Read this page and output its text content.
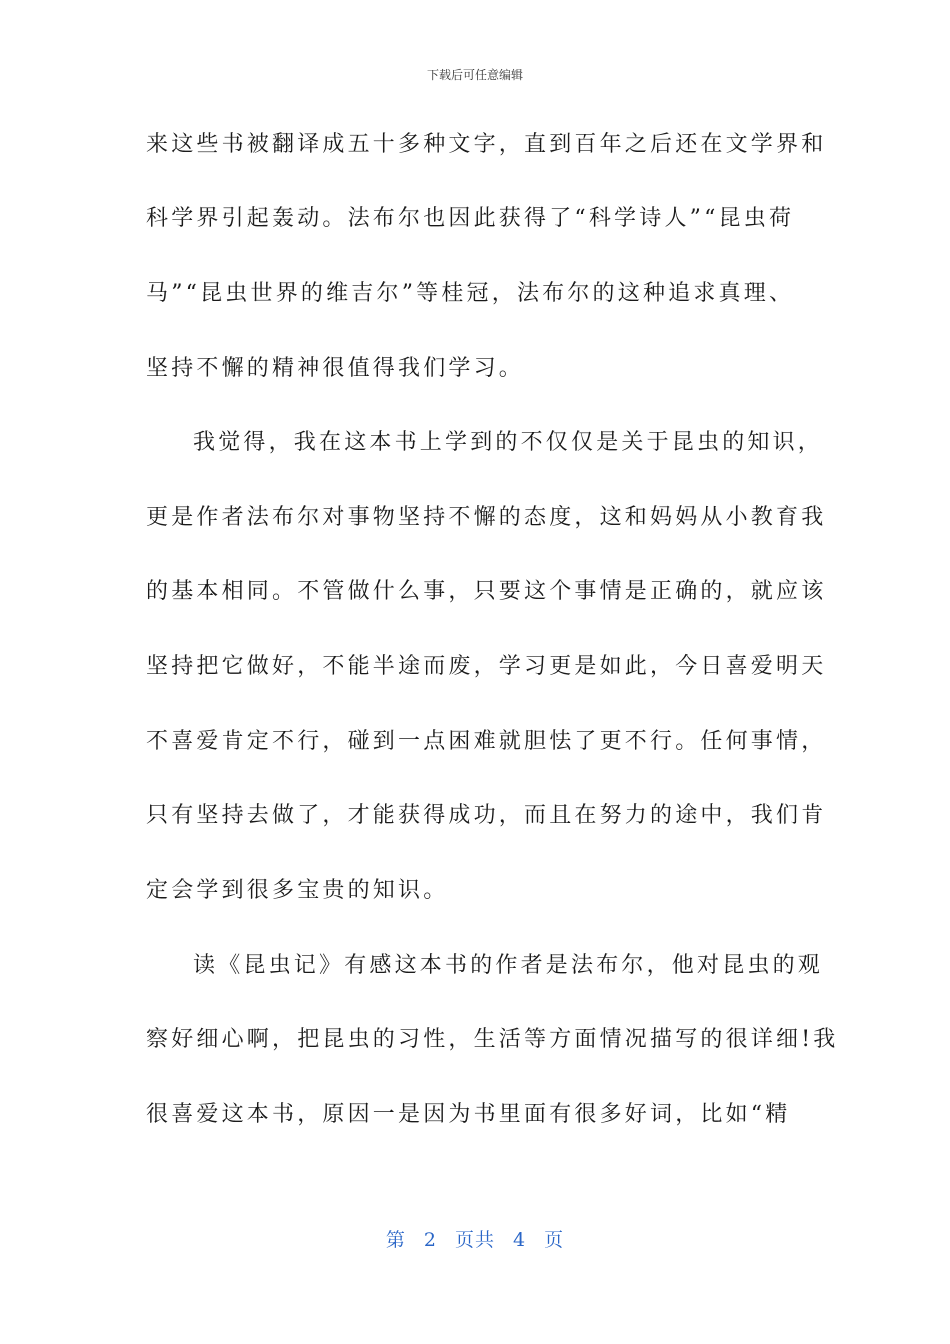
下载后可任意编辑
来这些书被翻译成五十多种文字，直到百年之后还在文学界和
科学界引起轰动。法布尔也因此获得了“科学诗人”“昆虫荷
马”“昆虫世界的维吉尔”等桂冠，法布尔的这种追求真理、
坚持不懈的精神很值得我们学习。
我觉得，我在这本书上学到的不仅仅是关于昆虫的知识，
更是作者法布尔对事物坚持不懈的态度，这和妈妈从小教育我
的基本相同。不管做什么事，只要这个事情是正确的，就应该
坚持把它做好，不能半途而废，学习更是如此，今日喜爱明天
不喜爱肯定不行，碰到一点困难就胆怯了更不行。任何事情，
只有坚持去做了，才能获得成功，而且在努力的途中，我们肯
定会学到很多宝贵的知识。
读《昆虫记》有感这本书的作者是法布尔，他对昆虫的观
察好细心啊，把昆虫的习性，生活等方面情况描写的很详细!我
很喜爱这本书，原因一是因为书里面有很多好词，比如“精
第 2 页共 4 页
